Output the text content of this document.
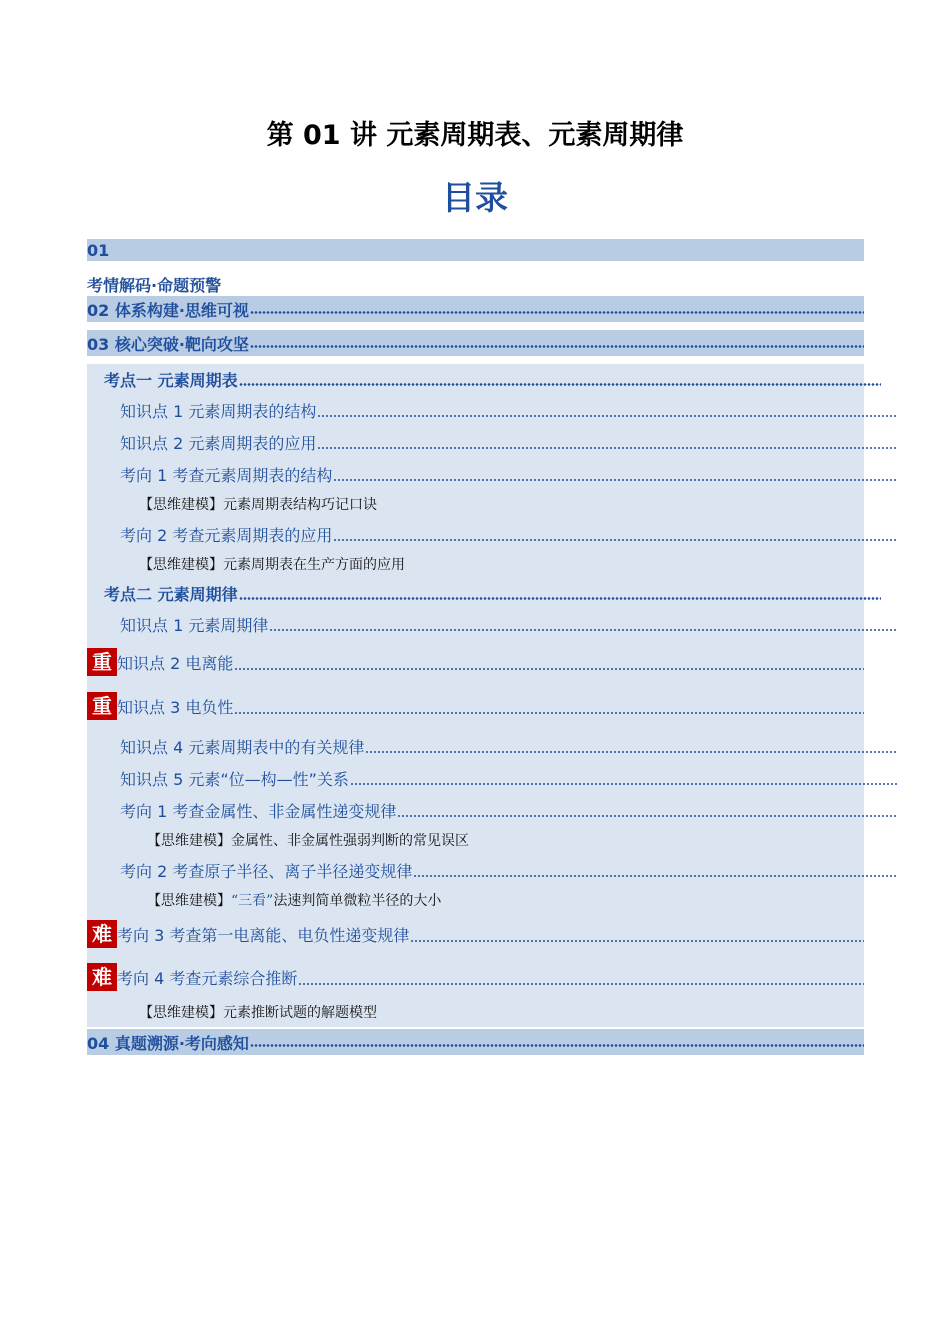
第 01 讲 元素周期表、元素周期律
目录
01
考情解码·命题预警
02 体系构建·思维可视
03 核心突破·靶向攻坚
考点一 元素周期表
知识点 1 元素周期表的结构
知识点 2 元素周期表的应用
考向 1 考查元素周期表的结构
【思维建模】元素周期表结构巧记口诀
考向 2 考查元素周期表的应用
【思维建模】元素周期表在生产方面的应用
考点二 元素周期律
知识点 1 元素周期律
重 知识点 2 电离能
重 知识点 3 电负性
知识点 4 元素周期表中的有关规律
知识点 5 元素“位—构—性”关系
考向 1 考查金属性、非金属性递变规律
【思维建模】金属性、非金属性强弱判断的常见误区
考向 2 考查原子半径、离子半径递变规律
【思维建模】 “三看” 法速判简单微粒半径的大小
难 考向 3 考查第一电离能、电负性递变规律
难 考向 4 考查元素综合推断
【思维建模】元素推断试题的解题模型
04 真题溯源·考向感知
